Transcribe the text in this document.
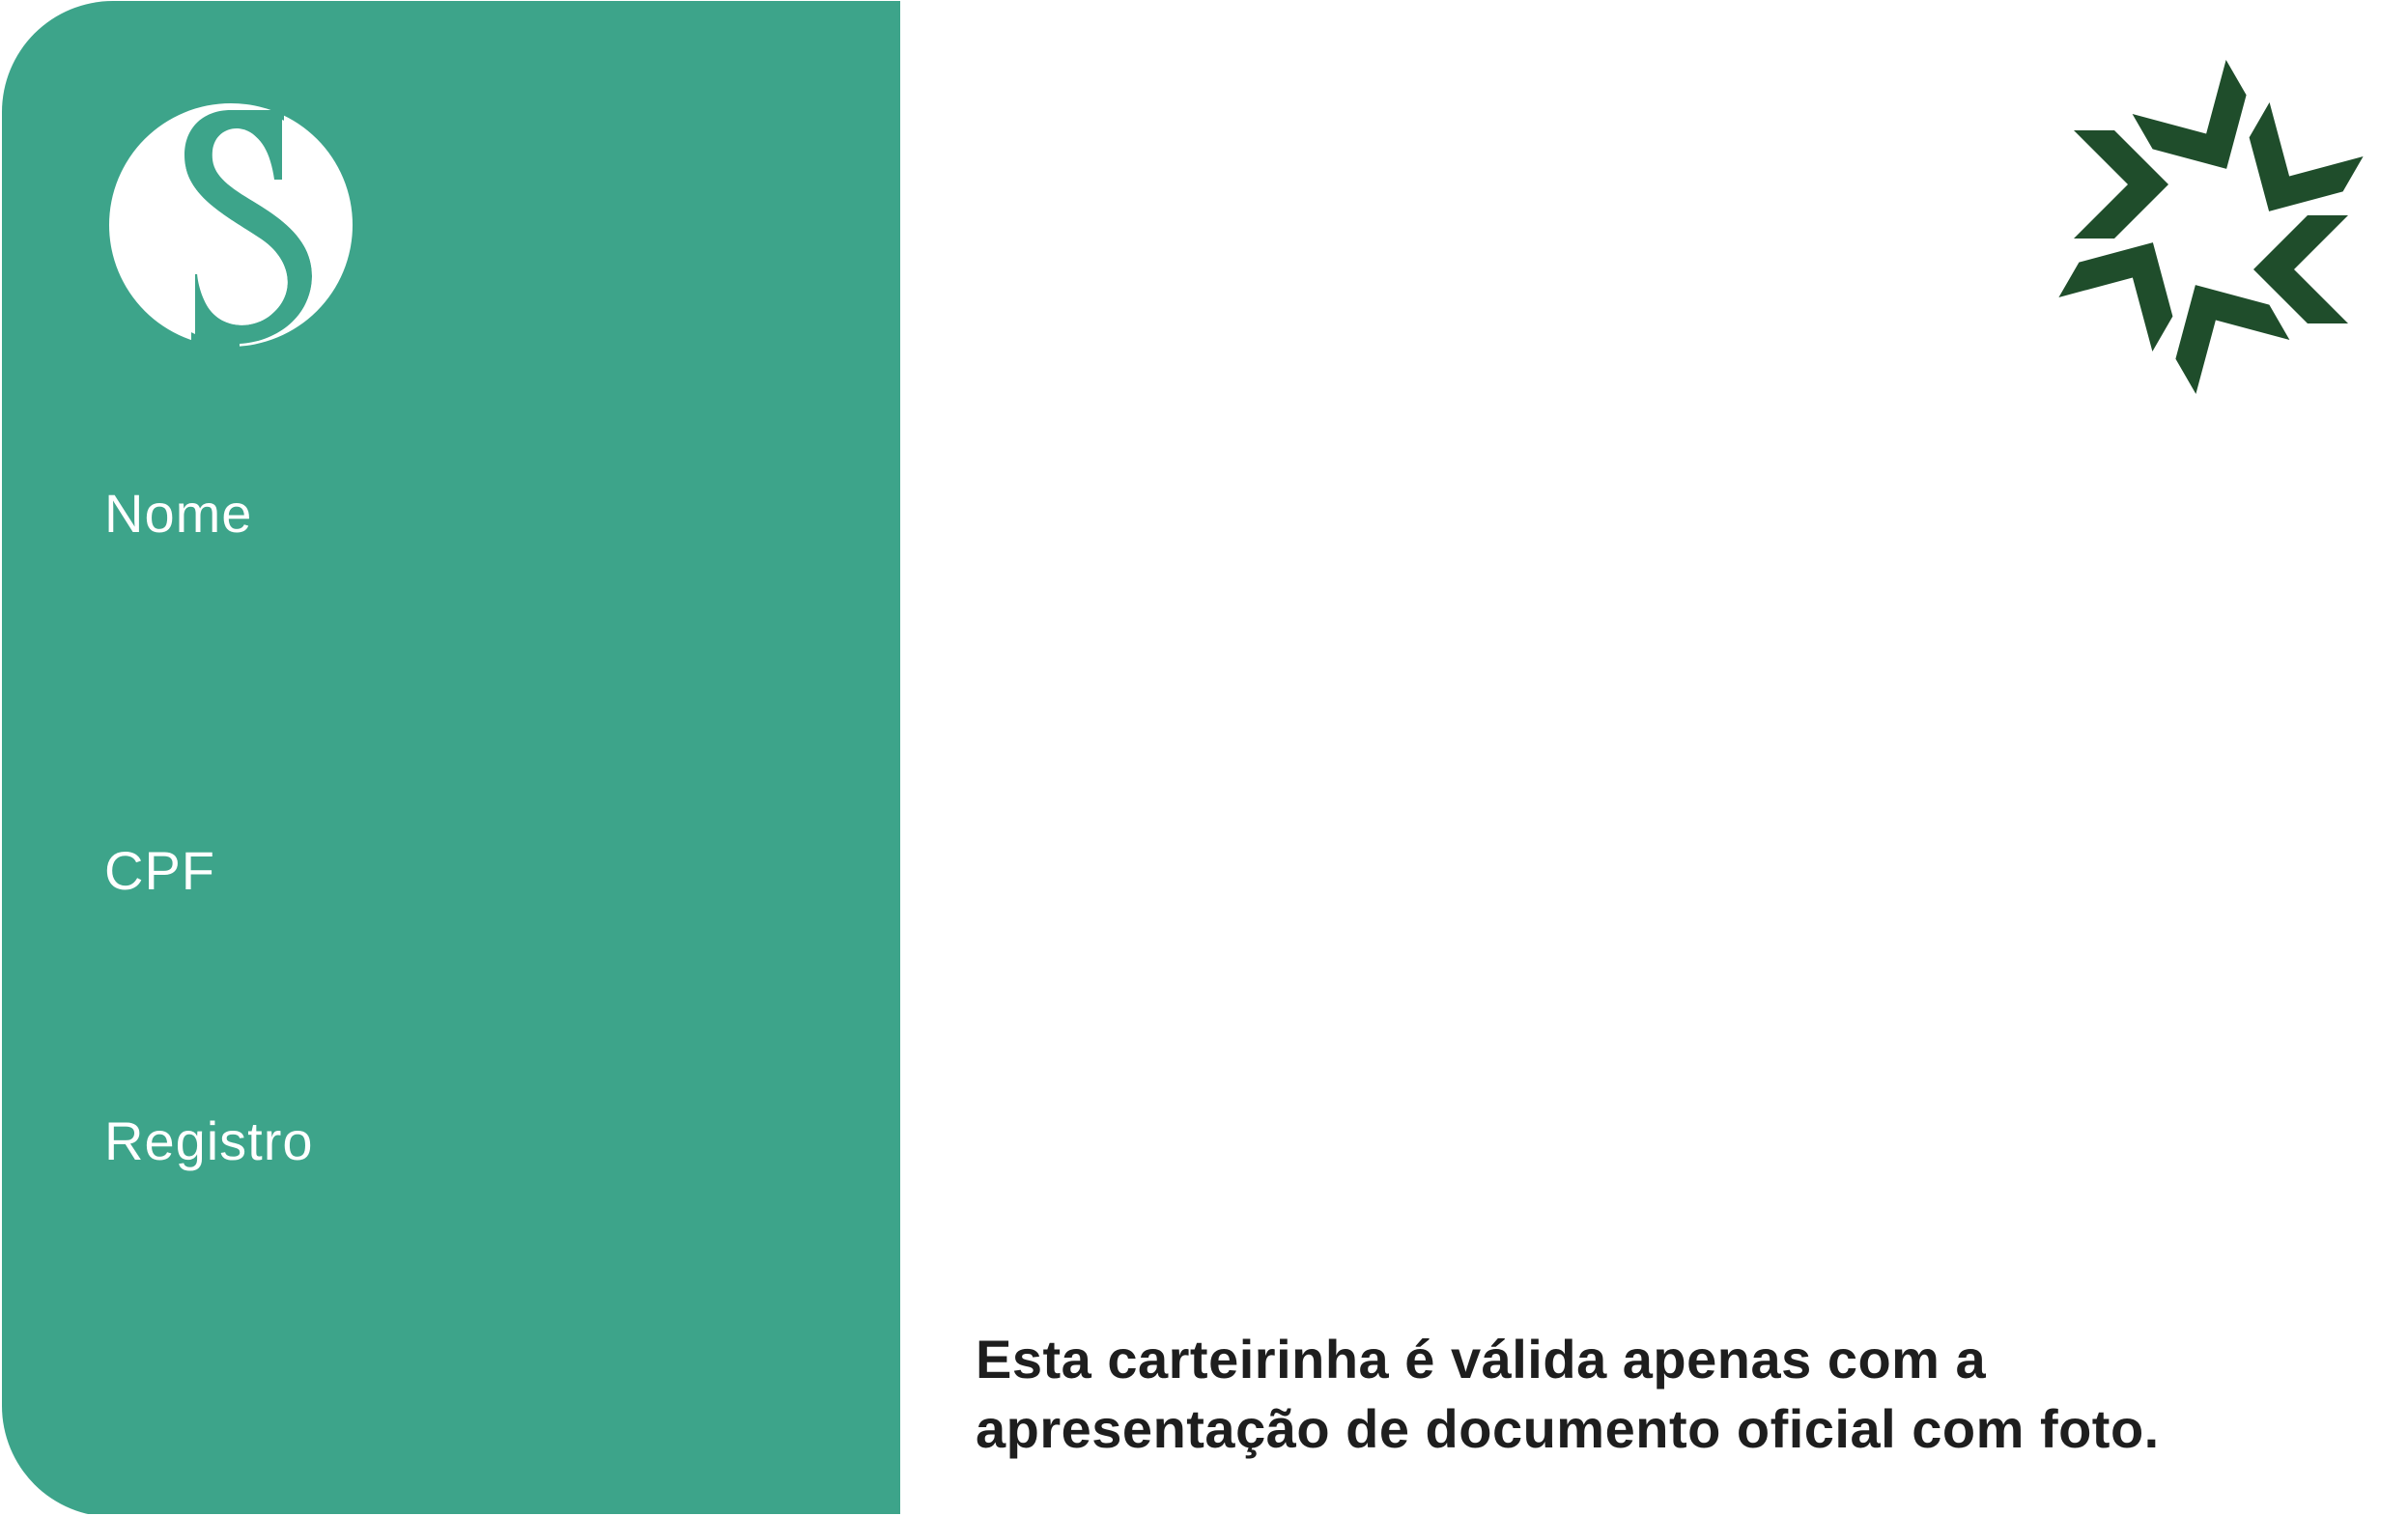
Nome
CPF
Registro
Esta carteirinha é válida apenas com a
apresentação de documento oficial com foto.
